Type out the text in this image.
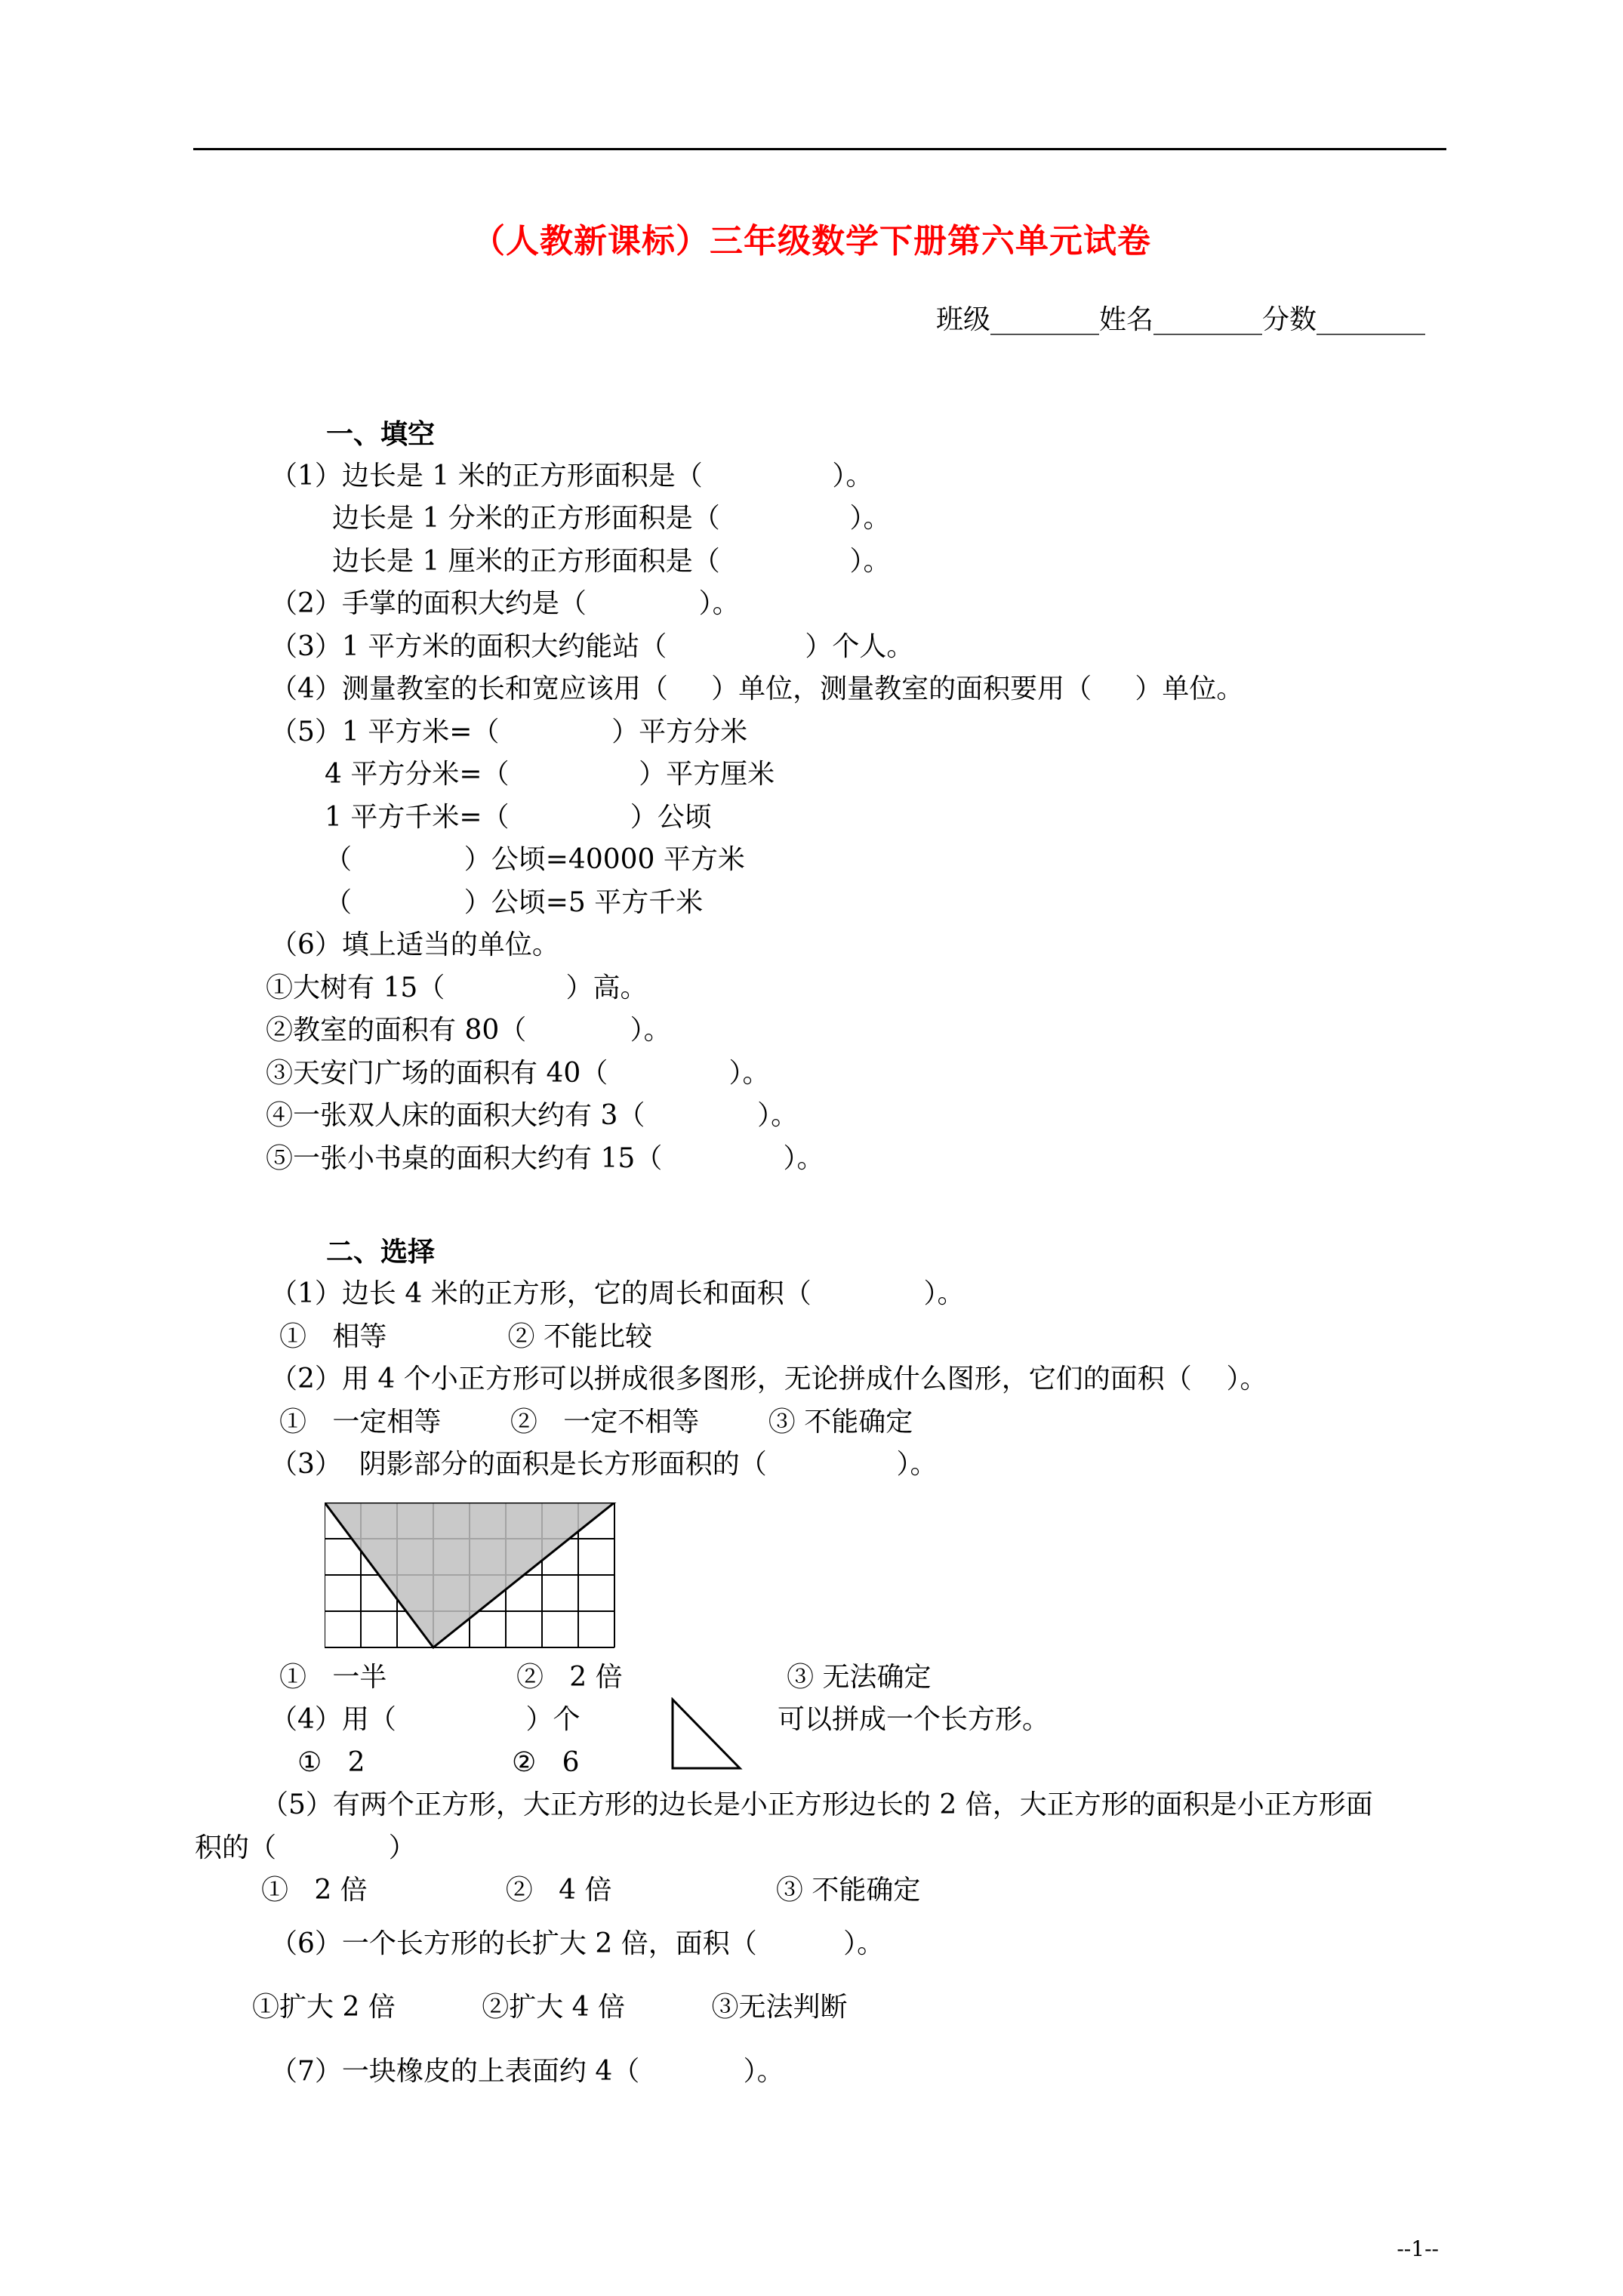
（人教新课标）三年级数学下册第六单元试卷
班级________姓名________分数________
一、填空
（1）边长是 1 米的正方形面积是（               ）。
边长是 1 分米的正方形面积是（               ）。
边长是 1 厘米的正方形面积是（               ）。
（2）手掌的面积大约是（             ）。
（3）1 平方米的面积大约能站（                ）个人。
（4）测量教室的长和宽应该用（     ）单位，测量教室的面积要用（     ）单位。
（5）1 平方米=（             ）平方分米
4 平方分米=（               ）平方厘米
1 平方千米=（              ）公顷
（             ）公顷=40000 平方米
（             ）公顷=5 平方千米
（6）填上适当的单位。
①大树有 15（              ）高。
②教室的面积有 80（            ）。
③天安门广场的面积有 40（              ）。
④一张双人床的面积大约有 3（             ）。
⑤一张小书桌的面积大约有 15（              ）。
二、选择
（1）边长 4 米的正方形，它的周长和面积（             ）。
①   相等              ② 不能比较
（2）用 4 个小正方形可以拼成很多图形，无论拼成什么图形，它们的面积（    ）。
①   一定相等        ②   一定不相等        ③ 不能确定
（3）  阴影部分的面积是长方形面积的（               ）。
①   一半               ②   2 倍                   ③ 无法确定
（4）用（               ）个	可以拼成一个长方形。
①   2                 ②   6
（5）有两个正方形，大正方形的边长是小正方形边长的 2 倍，大正方形的面积是小正方形面
积的（             ）
①   2 倍                ②   4 倍                   ③ 不能确定
（6）一个长方形的长扩大 2 倍，面积（          ）。
①扩大 2 倍          ②扩大 4 倍          ③无法判断
（7）一块橡皮的上表面约 4（            ）。
--1--
